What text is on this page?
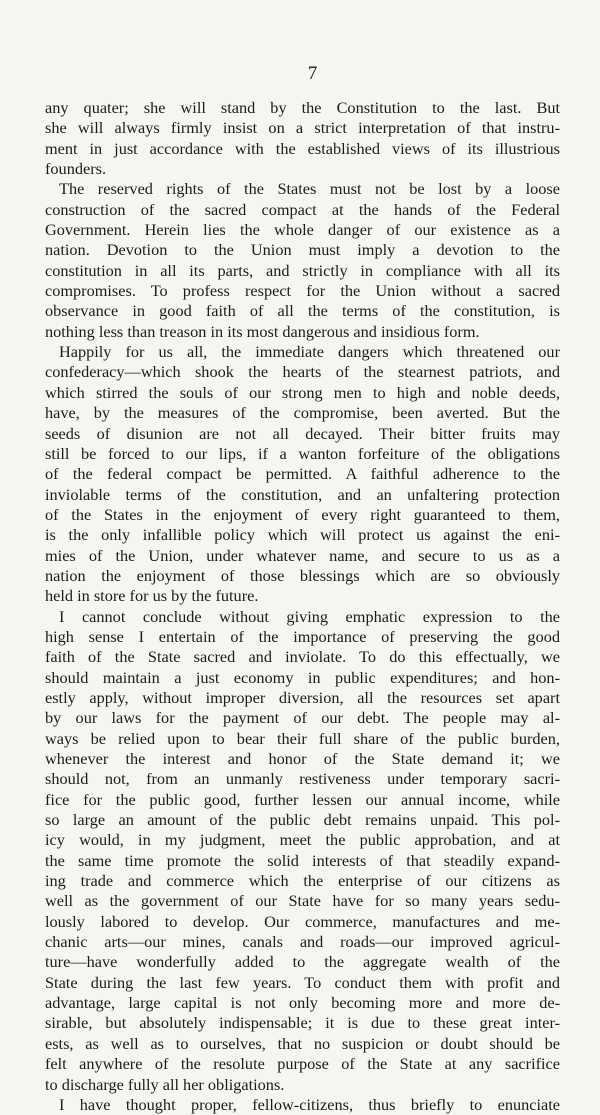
7
any quater; she will stand by the Constitution to the last. But
she will always firmly insist on a strict interpretation of that instru-
ment in just accordance with the established views of its illustrious
founders.
The reserved rights of the States must not be lost by a loose
construction of the sacred compact at the hands of the Federal
Government. Herein lies the whole danger of our existence as a
nation. Devotion to the Union must imply a devotion to the
constitution in all its parts, and strictly in compliance with all its
compromises. To profess respect for the Union without a sacred
observance in good faith of all the terms of the constitution, is
nothing less than treason in its most dangerous and insidious form.
Happily for us all, the immediate dangers which threatened our
confederacy—which shook the hearts of the stearnest patriots, and
which stirred the souls of our strong men to high and noble deeds,
have, by the measures of the compromise, been averted. But the
seeds of disunion are not all decayed. Their bitter fruits may
still be forced to our lips, if a wanton forfeiture of the obligations
of the federal compact be permitted. A faithful adherence to the
inviolable terms of the constitution, and an unfaltering protection
of the States in the enjoyment of every right guaranteed to them,
is the only infallible policy which will protect us against the eni-
mies of the Union, under whatever name, and secure to us as a
nation the enjoyment of those blessings which are so obviously
held in store for us by the future.
I cannot conclude without giving emphatic expression to the
high sense I entertain of the importance of preserving the good
faith of the State sacred and inviolate. To do this effectually, we
should maintain a just economy in public expenditures; and hon-
estly apply, without improper diversion, all the resources set apart
by our laws for the payment of our debt. The people may al-
ways be relied upon to bear their full share of the public burden,
whenever the interest and honor of the State demand it; we
should not, from an unmanly restiveness under temporary sacri-
fice for the public good, further lessen our annual income, while
so large an amount of the public debt remains unpaid. This pol-
icy would, in my judgment, meet the public approbation, and at
the same time promote the solid interests of that steadily expand-
ing trade and commerce which the enterprise of our citizens as
well as the government of our State have for so many years sedu-
lously labored to develop. Our commerce, manufactures and me-
chanic arts—our mines, canals and roads—our improved agricul-
ture—have wonderfully added to the aggregate wealth of the
State during the last few years. To conduct them with profit and
advantage, large capital is not only becoming more and more de-
sirable, but absolutely indispensable; it is due to these great inter-
ests, as well as to ourselves, that no suspicion or doubt should be
felt anywhere of the resolute purpose of the State at any sacrifice
to discharge fully all her obligations.
I have thought proper, fellow-citizens, thus briefly to enunciate
